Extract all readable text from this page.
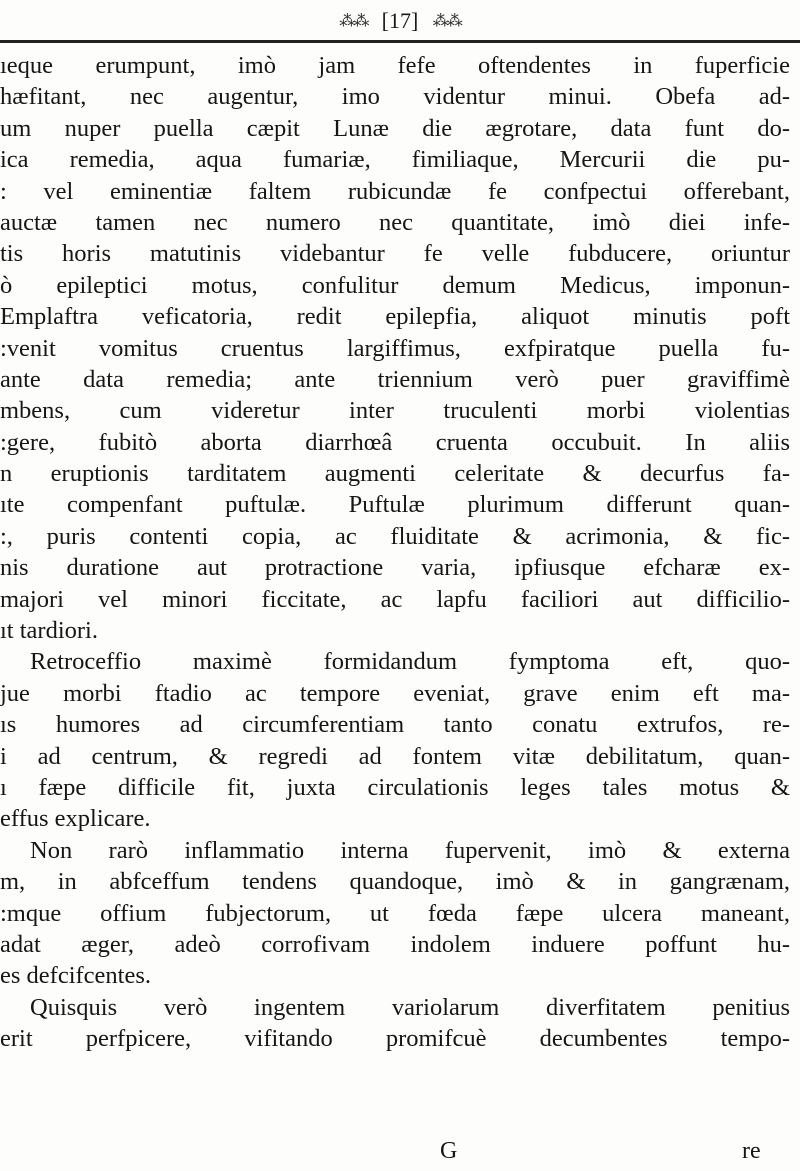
⁂⁂ [17] ⁂⁂
ıeque erumpunt, imò jam fefe oftendentes in fuperficie
hæfitant, nec augentur, imo videntur minui. Obefa ad-
um nuper puella cæpit Lunæ die ægrotare, data funt do-
ica remedia, aqua fumariæ, fimiliaque, Mercurii die pu-
: vel eminentiæ faltem rubicundæ fe confpectui offerebant,
auctæ tamen nec numero nec quantitate, imò diei infe-
tis horis matutinis videbantur fe velle fubducere, oriuntur
ò epileptici motus, confulitur demum Medicus, imponun-
Emplaftra veficatoria, redit epilepfia, aliquot minutis poft
:venit vomitus cruentus largiffimus, exfpiratque puella fu-
ante data remedia; ante triennium verò puer graviffimè
mbens, cum videretur inter truculenti morbi violentias
:gere, fubitò aborta diarrhœâ cruenta occubuit. In aliis
n eruptionis tarditatem augmenti celeritate & decurfus fa-
ıte compenfant puftulæ. Puftulæ plurimum differunt quan-
:, puris contenti copia, ac fluiditate & acrimonia, & fic-
nis duratione aut protractione varia, ipfiusque efcharæ ex-
majori vel minori ficcitate, ac lapfu faciliori aut difficilio-
ıt tardiori.
Retroceffio maximè formidandum fymptoma eft, quo-
jue morbi ftadio ac tempore eveniat, grave enim eft ma-
ıs humores ad circumferentiam tanto conatu extrufos, re-
i ad centrum, & regredi ad fontem vitæ debilitatum, quan-
ı fæpe difficile fit, juxta circulationis leges tales motus &
effus explicare.
Non rarò inflammatio interna fupervenit, imò & externa
m, in abfceffum tendens quandoque, imò & in gangrænam,
:mque offium fubjectorum, ut fœda fæpe ulcera maneant,
adat æger, adeò corrofivam indolem induere poffunt hu-
es defcifcentes.
Quisquis verò ingentem variolarum diverfitatem penitius
erit perfpicere, vifitando promifcuè decumbentes tempo-
G	re
